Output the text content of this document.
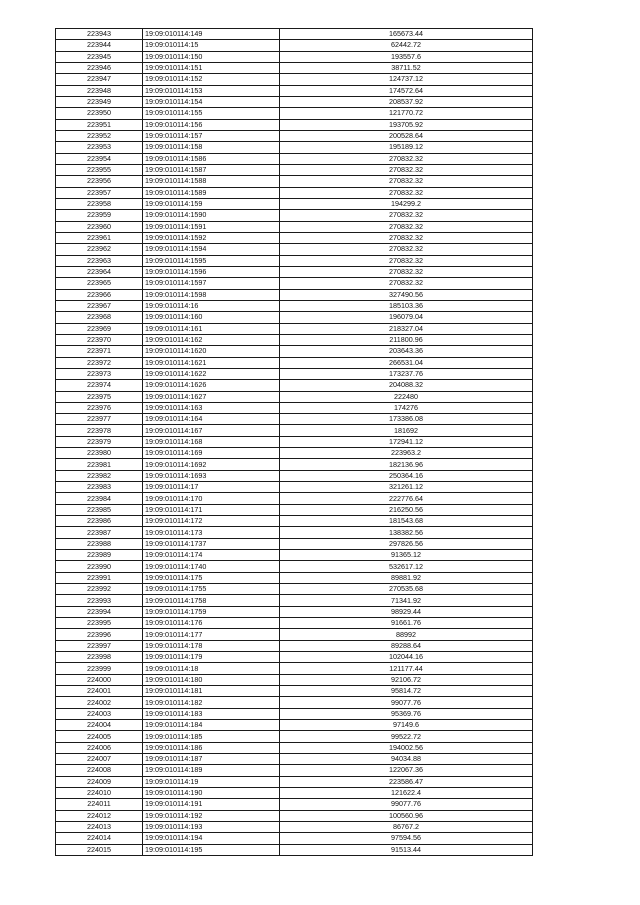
223943	19:09:010114:149	165673.44
223944	19:09:010114:15	62442.72
223945	19:09:010114:150	193557.6
223946	19:09:010114:151	38711.52
223947	19:09:010114:152	124737.12
223948	19:09:010114:153	174572.64
223949	19:09:010114:154	208537.92
223950	19:09:010114:155	121770.72
223951	19:09:010114:156	193705.92
223952	19:09:010114:157	200528.64
223953	19:09:010114:158	195189.12
223954	19:09:010114:1586	270832.32
223955	19:09:010114:1587	270832.32
223956	19:09:010114:1588	270832.32
223957	19:09:010114:1589	270832.32
223958	19:09:010114:159	194299.2
223959	19:09:010114:1590	270832.32
223960	19:09:010114:1591	270832.32
223961	19:09:010114:1592	270832.32
223962	19:09:010114:1594	270832.32
223963	19:09:010114:1595	270832.32
223964	19:09:010114:1596	270832.32
223965	19:09:010114:1597	270832.32
223966	19:09:010114:1598	327490.56
223967	19:09:010114:16	185103.36
223968	19:09:010114:160	196079.04
223969	19:09:010114:161	218327.04
223970	19:09:010114:162	211800.96
223971	19:09:010114:1620	203643.36
223972	19:09:010114:1621	266531.04
223973	19:09:010114:1622	173237.76
223974	19:09:010114:1626	204088.32
223975	19:09:010114:1627	222480
223976	19:09:010114:163	174276
223977	19:09:010114:164	173386.08
223978	19:09:010114:167	181692
223979	19:09:010114:168	172941.12
223980	19:09:010114:169	223963.2
223981	19:09:010114:1692	182136.96
223982	19:09:010114:1693	250364.16
223983	19:09:010114:17	321261.12
223984	19:09:010114:170	222776.64
223985	19:09:010114:171	216250.56
223986	19:09:010114:172	181543.68
223987	19:09:010114:173	138382.56
223988	19:09:010114:1737	297826.56
223989	19:09:010114:174	91365.12
223990	19:09:010114:1740	532617.12
223991	19:09:010114:175	89881.92
223992	19:09:010114:1755	270535.68
223993	19:09:010114:1758	71341.92
223994	19:09:010114:1759	98929.44
223995	19:09:010114:176	91661.76
223996	19:09:010114:177	88992
223997	19:09:010114:178	89288.64
223998	19:09:010114:179	102044.16
223999	19:09:010114:18	121177.44
224000	19:09:010114:180	92106.72
224001	19:09:010114:181	95814.72
224002	19:09:010114:182	99077.76
224003	19:09:010114:183	95369.76
224004	19:09:010114:184	97149.6
224005	19:09:010114:185	99522.72
224006	19:09:010114:186	194002.56
224007	19:09:010114:187	94034.88
224008	19:09:010114:189	122067.36
224009	19:09:010114:19	223586.47
224010	19:09:010114:190	121622.4
224011	19:09:010114:191	99077.76
224012	19:09:010114:192	100560.96
224013	19:09:010114:193	86767.2
224014	19:09:010114:194	97594.56
224015	19:09:010114:195	91513.44
